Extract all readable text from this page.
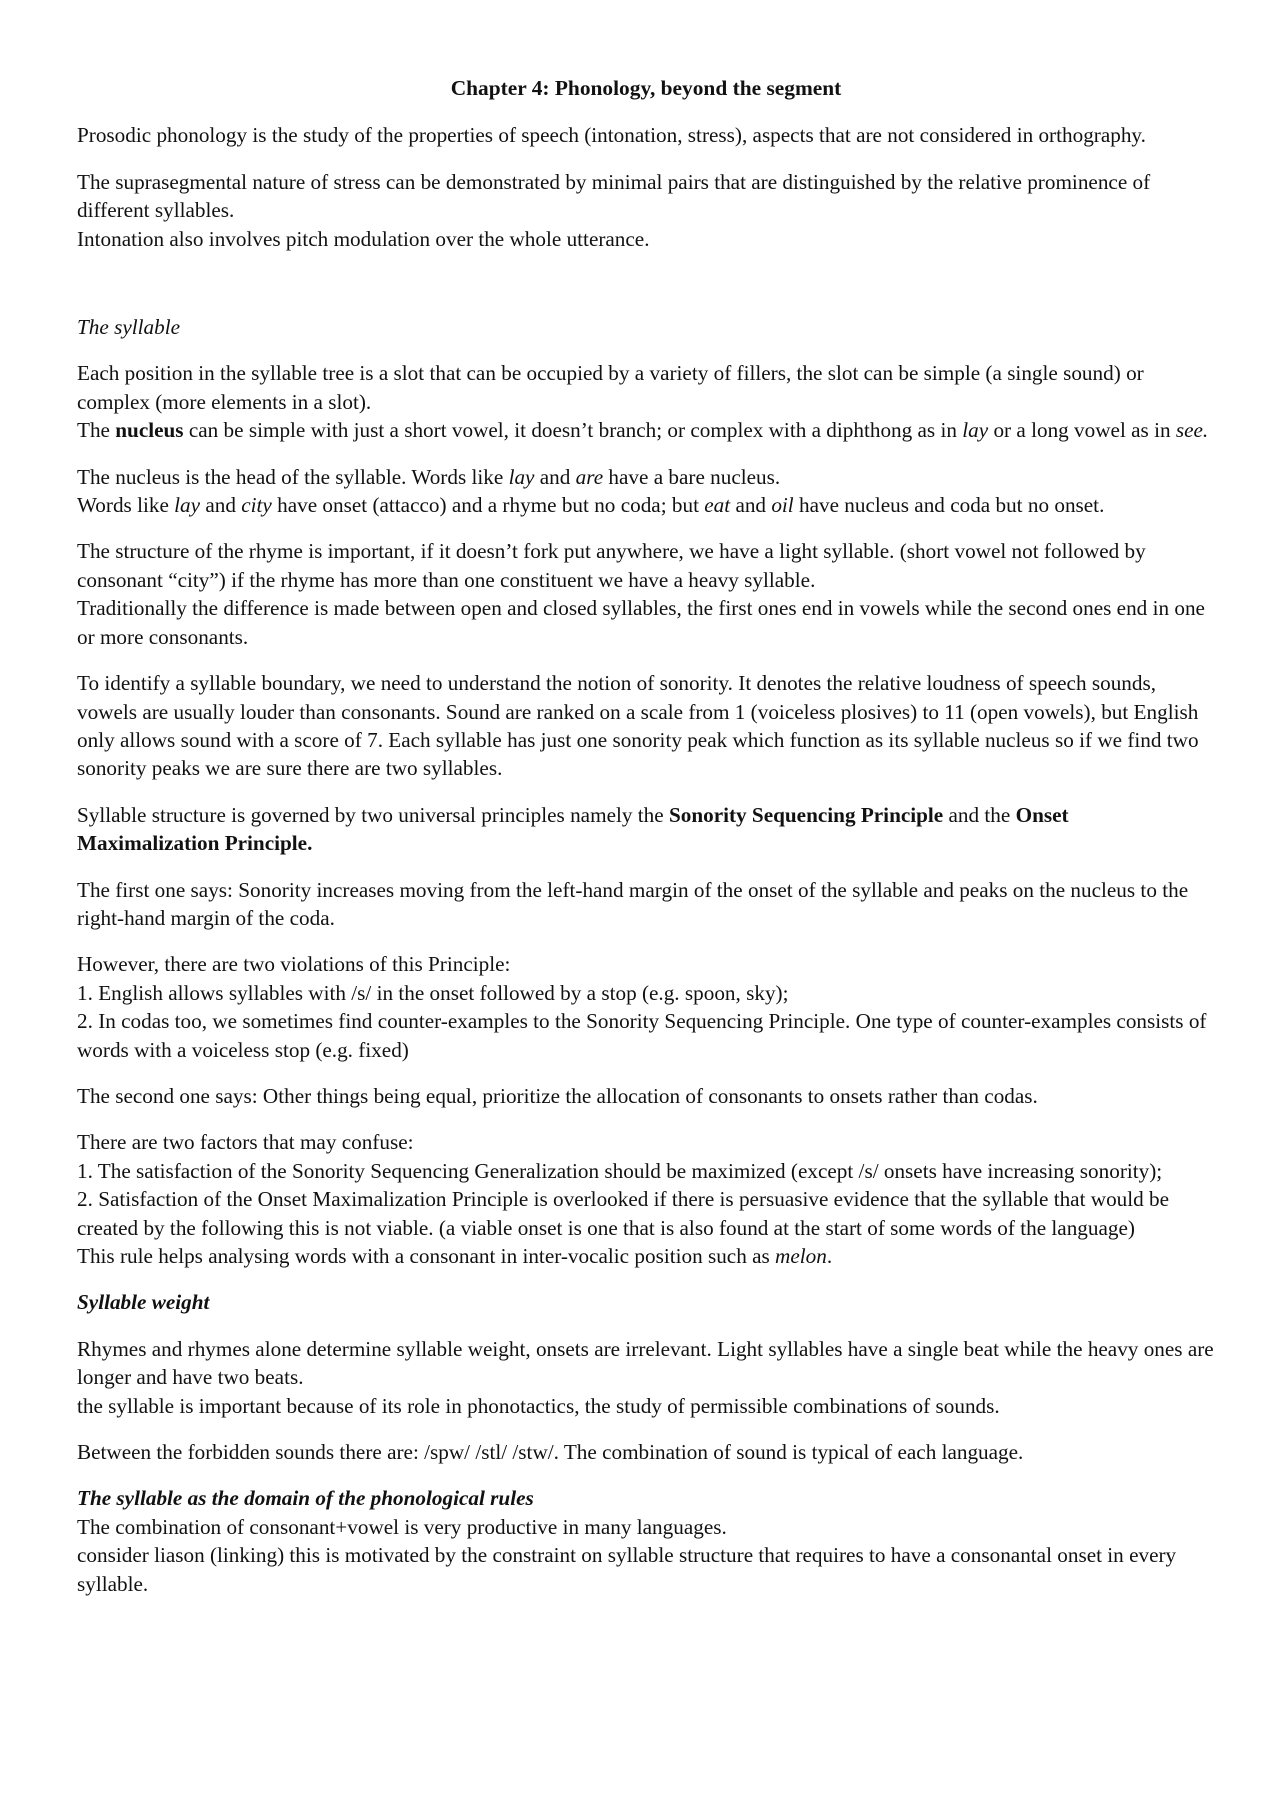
Chapter 4: Phonology, beyond the segment

Prosodic phonology is the study of the properties of speech (intonation, stress), aspects that are not considered in orthography.

The suprasegmental nature of stress can be demonstrated by minimal pairs that are distinguished by the relative prominence of different syllables.
Intonation also involves pitch modulation over the whole utterance.

The syllable

Each position in the syllable tree is a slot that can be occupied by a variety of fillers, the slot can be simple (a single sound) or complex (more elements in a slot).
The nucleus can be simple with just a short vowel, it doesn’t branch; or complex with a diphthong as in lay or a long vowel as in see.

The nucleus is the head of the syllable. Words like lay and are have a bare nucleus.
Words like lay and city have onset (attacco) and a rhyme but no coda; but eat and oil have nucleus and coda but no onset.

The structure of the rhyme is important, if it doesn’t fork put anywhere, we have a light syllable. (short vowel not followed by consonant “city”) if the rhyme has more than one constituent we have a heavy syllable.
Traditionally the difference is made between open and closed syllables, the first ones end in vowels while the second ones end in one or more consonants.

To identify a syllable boundary, we need to understand the notion of sonority. It denotes the relative loudness of speech sounds, vowels are usually louder than consonants. Sound are ranked on a scale from 1 (voiceless plosives) to 11 (open vowels), but English only allows sound with a score of 7. Each syllable has just one sonority peak which function as its syllable nucleus so if we find two sonority peaks we are sure there are two syllables.

Syllable structure is governed by two universal principles namely the Sonority Sequencing Principle and the Onset Maximalization Principle.

The first one says: Sonority increases moving from the left-hand margin of the onset of the syllable and peaks on the nucleus to the right-hand margin of the coda.

However, there are two violations of this Principle:
1. English allows syllables with /s/ in the onset followed by a stop (e.g. spoon, sky);
2. In codas too, we sometimes find counter-examples to the Sonority Sequencing Principle. One type of counter-examples consists of words with a voiceless stop (e.g. fixed)

The second one says: Other things being equal, prioritize the allocation of consonants to onsets rather than codas.

There are two factors that may confuse:
1. The satisfaction of the Sonority Sequencing Generalization should be maximized (except /s/ onsets have increasing sonority);
2. Satisfaction of the Onset Maximalization Principle is overlooked if there is persuasive evidence that the syllable that would be created by the following this is not viable. (a viable onset is one that is also found at the start of some words of the language)
This rule helps analysing words with a consonant in inter-vocalic position such as melon.

Syllable weight

Rhymes and rhymes alone determine syllable weight, onsets are irrelevant. Light syllables have a single beat while the heavy ones are longer and have two beats.
the syllable is important because of its role in phonotactics, the study of permissible combinations of sounds.

Between the forbidden sounds there are: /spw/ /stl/ /stw/. The combination of sound is typical of each language.

The syllable as the domain of the phonological rules
The combination of consonant+vowel is very productive in many languages.
consider liason (linking) this is motivated by the constraint on syllable structure that requires to have a consonantal onset in every syllable.
